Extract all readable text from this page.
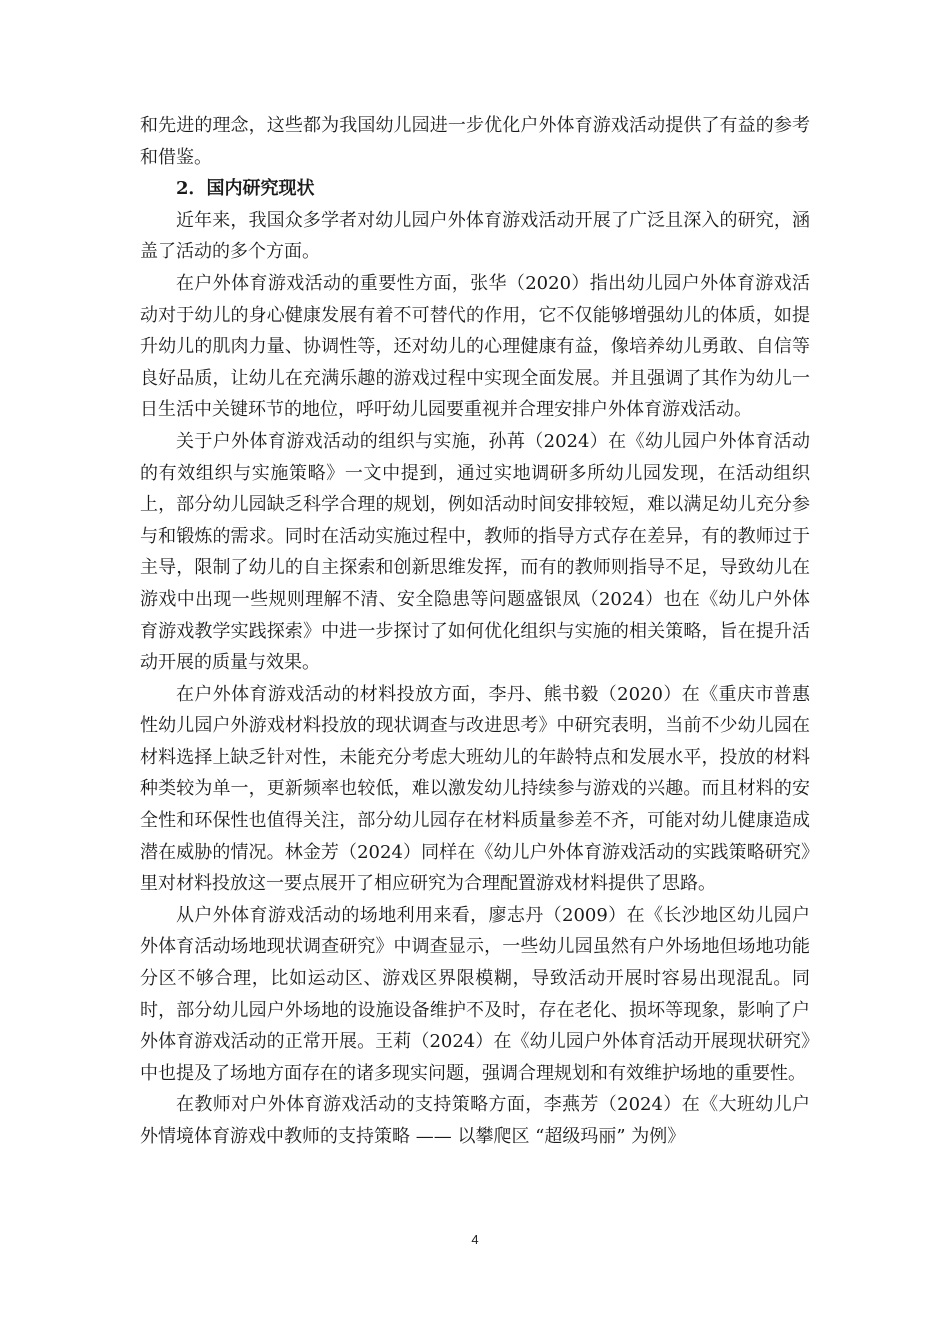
和先进的理念，这些都为我国幼儿园进一步优化户外体育游戏活动提供了有益的参考和借鉴。

2．国内研究现状

近年来，我国众多学者对幼儿园户外体育游戏活动开展了广泛且深入的研究，涵盖了活动的多个方面。

在户外体育游戏活动的重要性方面，张华（2020）指出幼儿园户外体育游戏活动对于幼儿的身心健康发展有着不可替代的作用，它不仅能够增强幼儿的体质，如提升幼儿的肌肉力量、协调性等，还对幼儿的心理健康有益，像培养幼儿勇敢、自信等良好品质，让幼儿在充满乐趣的游戏过程中实现全面发展。并且强调了其作为幼儿一日生活中关键环节的地位，呼吁幼儿园要重视并合理安排户外体育游戏活动。

关于户外体育游戏活动的组织与实施，孙苒（2024）在《幼儿园户外体育活动的有效组织与实施策略》一文中提到，通过实地调研多所幼儿园发现，在活动组织上，部分幼儿园缺乏科学合理的规划，例如活动时间安排较短，难以满足幼儿充分参与和锻炼的需求。同时在活动实施过程中，教师的指导方式存在差异，有的教师过于主导，限制了幼儿的自主探索和创新思维发挥，而有的教师则指导不足，导致幼儿在游戏中出现一些规则理解不清、安全隐患等问题盛银凤（2024）也在《幼儿户外体育游戏教学实践探索》中进一步探讨了如何优化组织与实施的相关策略，旨在提升活动开展的质量与效果。

在户外体育游戏活动的材料投放方面，李丹、熊书毅（2020）在《重庆市普惠性幼儿园户外游戏材料投放的现状调查与改进思考》中研究表明，当前不少幼儿园在材料选择上缺乏针对性，未能充分考虑大班幼儿的年龄特点和发展水平，投放的材料种类较为单一，更新频率也较低，难以激发幼儿持续参与游戏的兴趣。而且材料的安全性和环保性也值得关注，部分幼儿园存在材料质量参差不齐，可能对幼儿健康造成潜在威胁的情况。林金芳（2024）同样在《幼儿户外体育游戏活动的实践策略研究》里对材料投放这一要点展开了相应研究为合理配置游戏材料提供了思路。

从户外体育游戏活动的场地利用来看，廖志丹（2009）在《长沙地区幼儿园户外体育活动场地现状调查研究》中调查显示，一些幼儿园虽然有户外场地但场地功能分区不够合理，比如运动区、游戏区界限模糊，导致活动开展时容易出现混乱。同时，部分幼儿园户外场地的设施设备维护不及时，存在老化、损坏等现象，影响了户外体育游戏活动的正常开展。王莉（2024）在《幼儿园户外体育活动开展现状研究》中也提及了场地方面存在的诸多现实问题，强调合理规划和有效维护场地的重要性。

在教师对户外体育游戏活动的支持策略方面，李燕芳（2024）在《大班幼儿户外情境体育游戏中教师的支持策略 —— 以攀爬区 “超级玛丽” 为例》

4
